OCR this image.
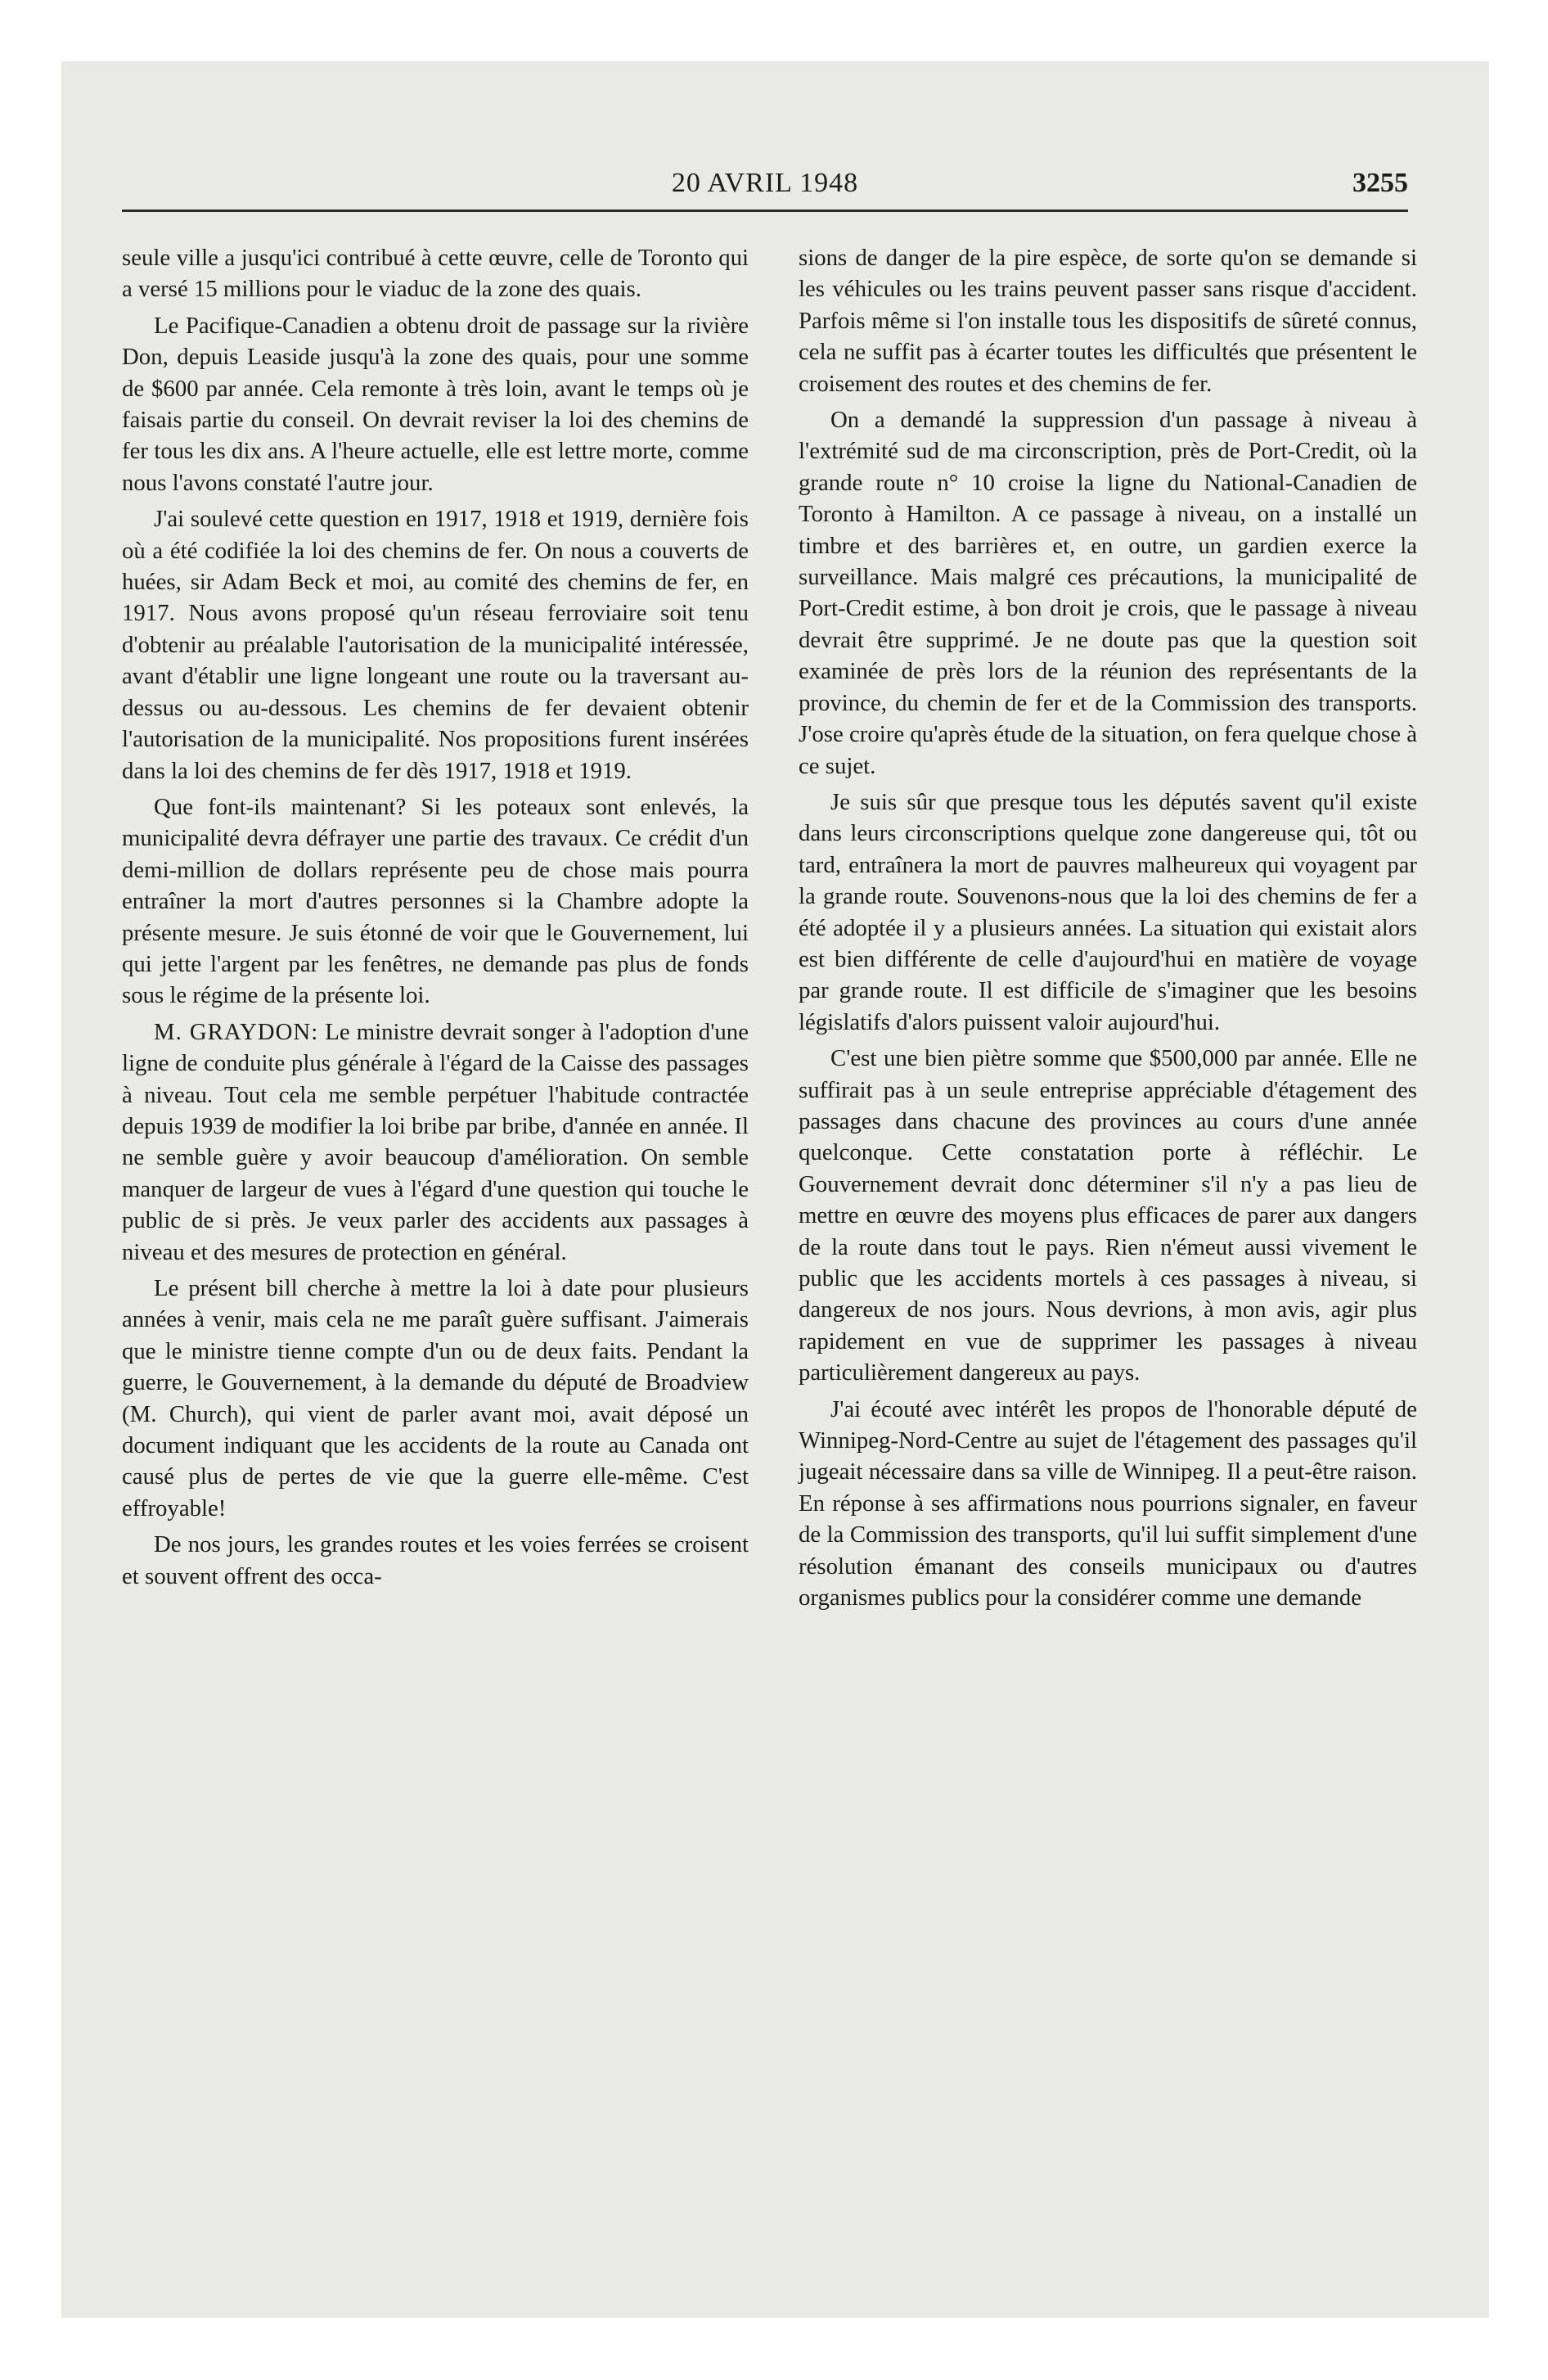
20 AVRIL 1948	3255

seule ville a jusqu'ici contribué à cette œuvre, celle de Toronto qui a versé 15 millions pour le viaduc de la zone des quais.

Le Pacifique-Canadien a obtenu droit de passage sur la rivière Don, depuis Leaside jusqu'à la zone des quais, pour une somme de $600 par année. Cela remonte à très loin, avant le temps où je faisais partie du conseil. On devrait reviser la loi des chemins de fer tous les dix ans. A l'heure actuelle, elle est lettre morte, comme nous l'avons constaté l'autre jour.

J'ai soulevé cette question en 1917, 1918 et 1919, dernière fois où a été codifiée la loi des chemins de fer. On nous a couverts de huées, sir Adam Beck et moi, au comité des chemins de fer, en 1917. Nous avons proposé qu'un réseau ferroviaire soit tenu d'obtenir au préalable l'autorisation de la municipalité intéressée, avant d'établir une ligne longeant une route ou la traversant au-dessus ou au-dessous. Les chemins de fer devaient obtenir l'autorisation de la municipalité. Nos propositions furent insérées dans la loi des chemins de fer dès 1917, 1918 et 1919.

Que font-ils maintenant? Si les poteaux sont enlevés, la municipalité devra défrayer une partie des travaux. Ce crédit d'un demi-million de dollars représente peu de chose mais pourra entraîner la mort d'autres personnes si la Chambre adopte la présente mesure. Je suis étonné de voir que le Gouvernement, lui qui jette l'argent par les fenêtres, ne demande pas plus de fonds sous le régime de la présente loi.

M. GRAYDON: Le ministre devrait songer à l'adoption d'une ligne de conduite plus générale à l'égard de la Caisse des passages à niveau. Tout cela me semble perpétuer l'habitude contractée depuis 1939 de modifier la loi bribe par bribe, d'année en année. Il ne semble guère y avoir beaucoup d'amélioration. On semble manquer de largeur de vues à l'égard d'une question qui touche le public de si près. Je veux parler des accidents aux passages à niveau et des mesures de protection en général.

Le présent bill cherche à mettre la loi à date pour plusieurs années à venir, mais cela ne me paraît guère suffisant. J'aimerais que le ministre tienne compte d'un ou de deux faits. Pendant la guerre, le Gouvernement, à la demande du député de Broadview (M. Church), qui vient de parler avant moi, avait déposé un document indiquant que les accidents de la route au Canada ont causé plus de pertes de vie que la guerre elle-même. C'est effroyable!

De nos jours, les grandes routes et les voies ferrées se croisent et souvent offrent des occa-

sions de danger de la pire espèce, de sorte qu'on se demande si les véhicules ou les trains peuvent passer sans risque d'accident. Parfois même si l'on installe tous les dispositifs de sûreté connus, cela ne suffit pas à écarter toutes les difficultés que présentent le croisement des routes et des chemins de fer.

On a demandé la suppression d'un passage à niveau à l'extrémité sud de ma circonscription, près de Port-Credit, où la grande route n° 10 croise la ligne du National-Canadien de Toronto à Hamilton. A ce passage à niveau, on a installé un timbre et des barrières et, en outre, un gardien exerce la surveillance. Mais malgré ces précautions, la municipalité de Port-Credit estime, à bon droit je crois, que le passage à niveau devrait être supprimé. Je ne doute pas que la question soit examinée de près lors de la réunion des représentants de la province, du chemin de fer et de la Commission des transports. J'ose croire qu'après étude de la situation, on fera quelque chose à ce sujet.

Je suis sûr que presque tous les députés savent qu'il existe dans leurs circonscriptions quelque zone dangereuse qui, tôt ou tard, entraînera la mort de pauvres malheureux qui voyagent par la grande route. Souvenons-nous que la loi des chemins de fer a été adoptée il y a plusieurs années. La situation qui existait alors est bien différente de celle d'aujourd'hui en matière de voyage par grande route. Il est difficile de s'imaginer que les besoins législatifs d'alors puissent valoir aujourd'hui.

C'est une bien piètre somme que $500,000 par année. Elle ne suffirait pas à un seule entreprise appréciable d'étagement des passages dans chacune des provinces au cours d'une année quelconque. Cette constatation porte à réfléchir. Le Gouvernement devrait donc déterminer s'il n'y a pas lieu de mettre en œuvre des moyens plus efficaces de parer aux dangers de la route dans tout le pays. Rien n'émeut aussi vivement le public que les accidents mortels à ces passages à niveau, si dangereux de nos jours. Nous devrions, à mon avis, agir plus rapidement en vue de supprimer les passages à niveau particulièrement dangereux au pays.

J'ai écouté avec intérêt les propos de l'honorable député de Winnipeg-Nord-Centre au sujet de l'étagement des passages qu'il jugeait nécessaire dans sa ville de Winnipeg. Il a peut-être raison. En réponse à ses affirmations nous pourrions signaler, en faveur de la Commission des transports, qu'il lui suffit simplement d'une résolution émanant des conseils municipaux ou d'autres organismes publics pour la considérer comme une demande
